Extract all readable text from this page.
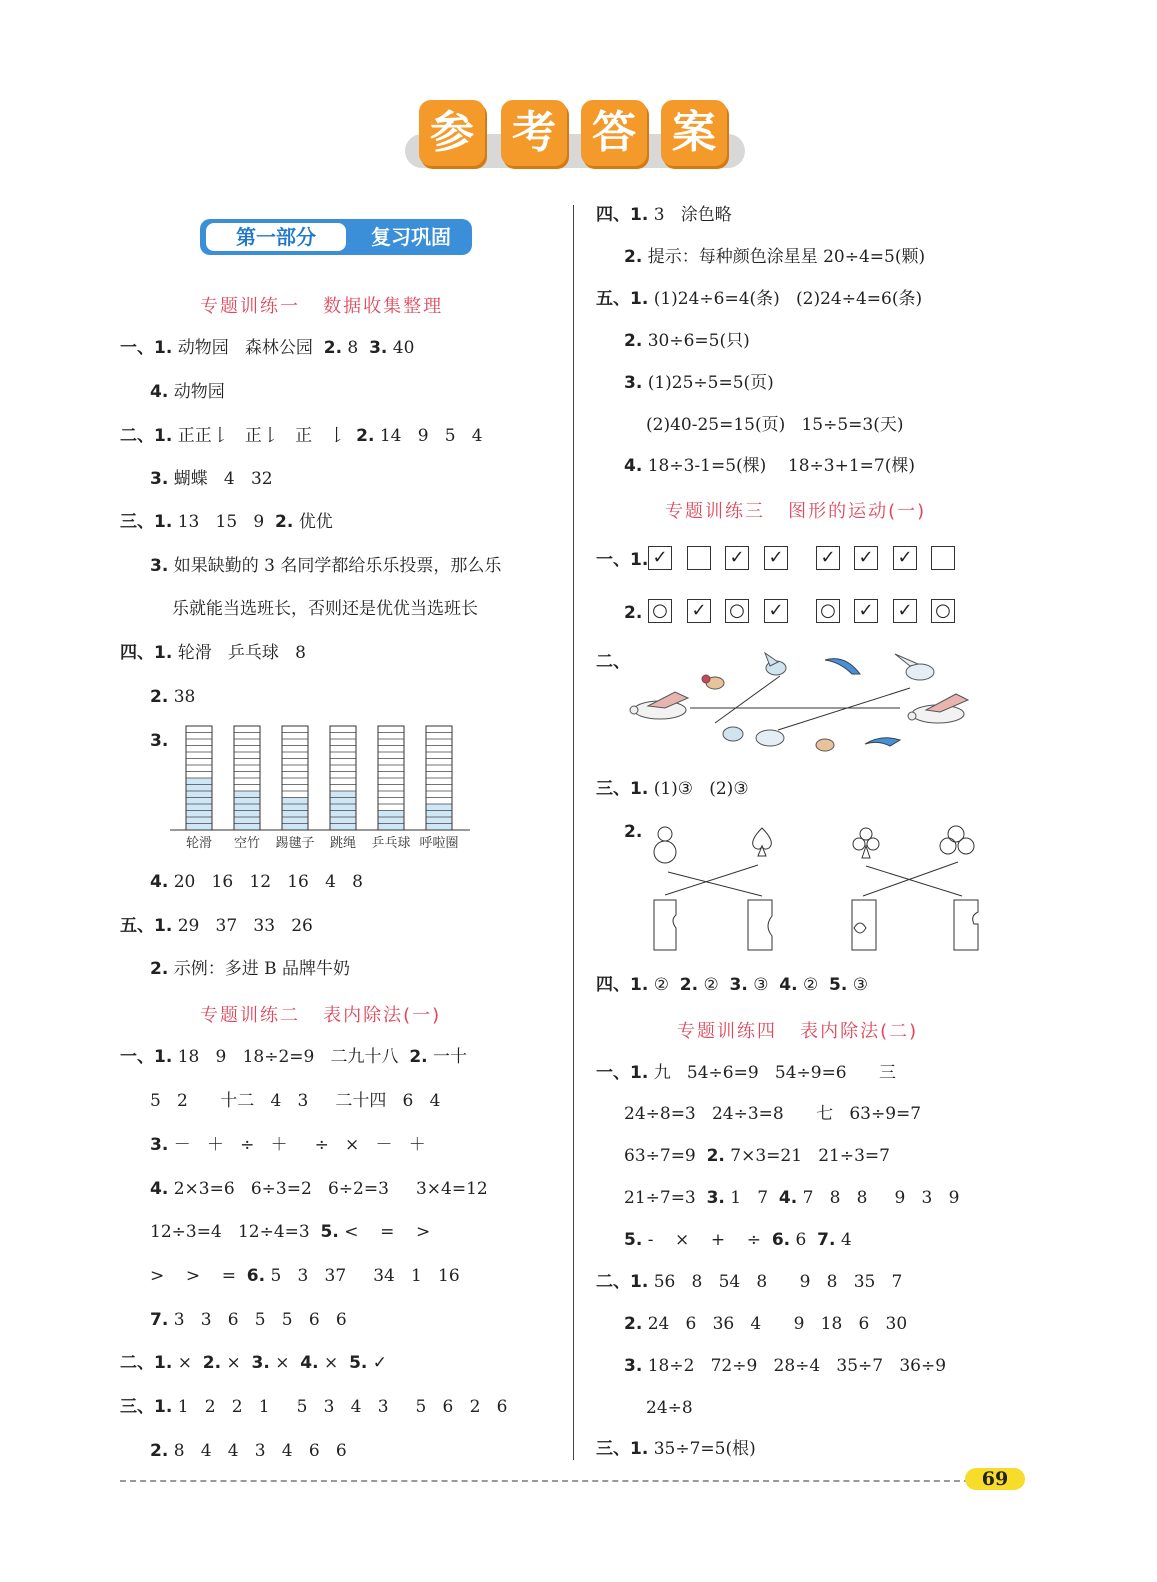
参 考 答 案
第一部分	复习巩固
专题训练一   数据收集整理
一、1. 动物园   森林公园  2. 8  3. 40
4. 动物园
二、1. 正正𠄌   正𠄌   正   𠄌  2. 14   9   5   4
3. 蝴蝶   4   32
三、1. 13   15   9  2. 优优
3. 如果缺勤的 3 名同学都给乐乐投票，那么乐
乐就能当选班长，否则还是优优当选班长
四、1. 轮滑   乒乓球   8
2. 38
3.
4. 20   16   12   16   4   8
五、1. 29   37   33   26
2. 示例：多进 B 品牌牛奶
专题训练二   表内除法(一)
一、1. 18   9   18÷2=9   二九十八  2. 一十
5   2      十二   4   3     二十四   6   4
3. －   ＋   ÷   ＋     ÷   ×   －   ＋
4. 2×3=6   6÷3=2   6÷2=3     3×4=12
12÷3=4   12÷4=3  5. <    =    >
>    >    =  6. 5   3   37     34   1   16
7. 3   3   6   5   5   6   6
二、1. ×  2. ×  3. ×  4. ×  5. ✓
三、1. 1   2   2   1     5   3   4   3     5   6   2   6
2. 8   4   4   3   4   6   6
四、1. 3   涂色略
2. 提示：每种颜色涂星星 20÷4=5(颗)
五、1. (1)24÷6=4(条)   (2)24÷4=6(条)
2. 30÷6=5(只)
3. (1)25÷5=5(页)
(2)40-25=15(页)   15÷5=3(天)
4. 18÷3-1=5(棵)    18÷3+1=7(棵)
专题训练三   图形的运动(一)
一、1.
2.
二、
三、1. (1)③   (2)③
2.
四、1. ②  2. ②  3. ③  4. ②  5. ③
专题训练四   表内除法(二)
一、1. 九   54÷6=9   54÷9=6      三
24÷8=3   24÷3=8      七   63÷9=7
63÷7=9  2. 7×3=21   21÷3=7
21÷7=3  3. 1   7  4. 7   8   8     9   3   9
5. -    ×    +    ÷  6. 6  7. 4
二、1. 56   8   54   8      9   8   35   7
2. 24   6   36   4      9   18   6   30
3. 18÷2   72÷9   28÷4   35÷7   36÷9
24÷8
三、1. 35÷7=5(根)
轮滑 空竹 踢毽子 跳绳 乒乓球 呼啦圈
✓	✓ ✓ ✓ ✓ ✓
○ ✓ ○ ✓ ○ ✓ ✓ ○
69
